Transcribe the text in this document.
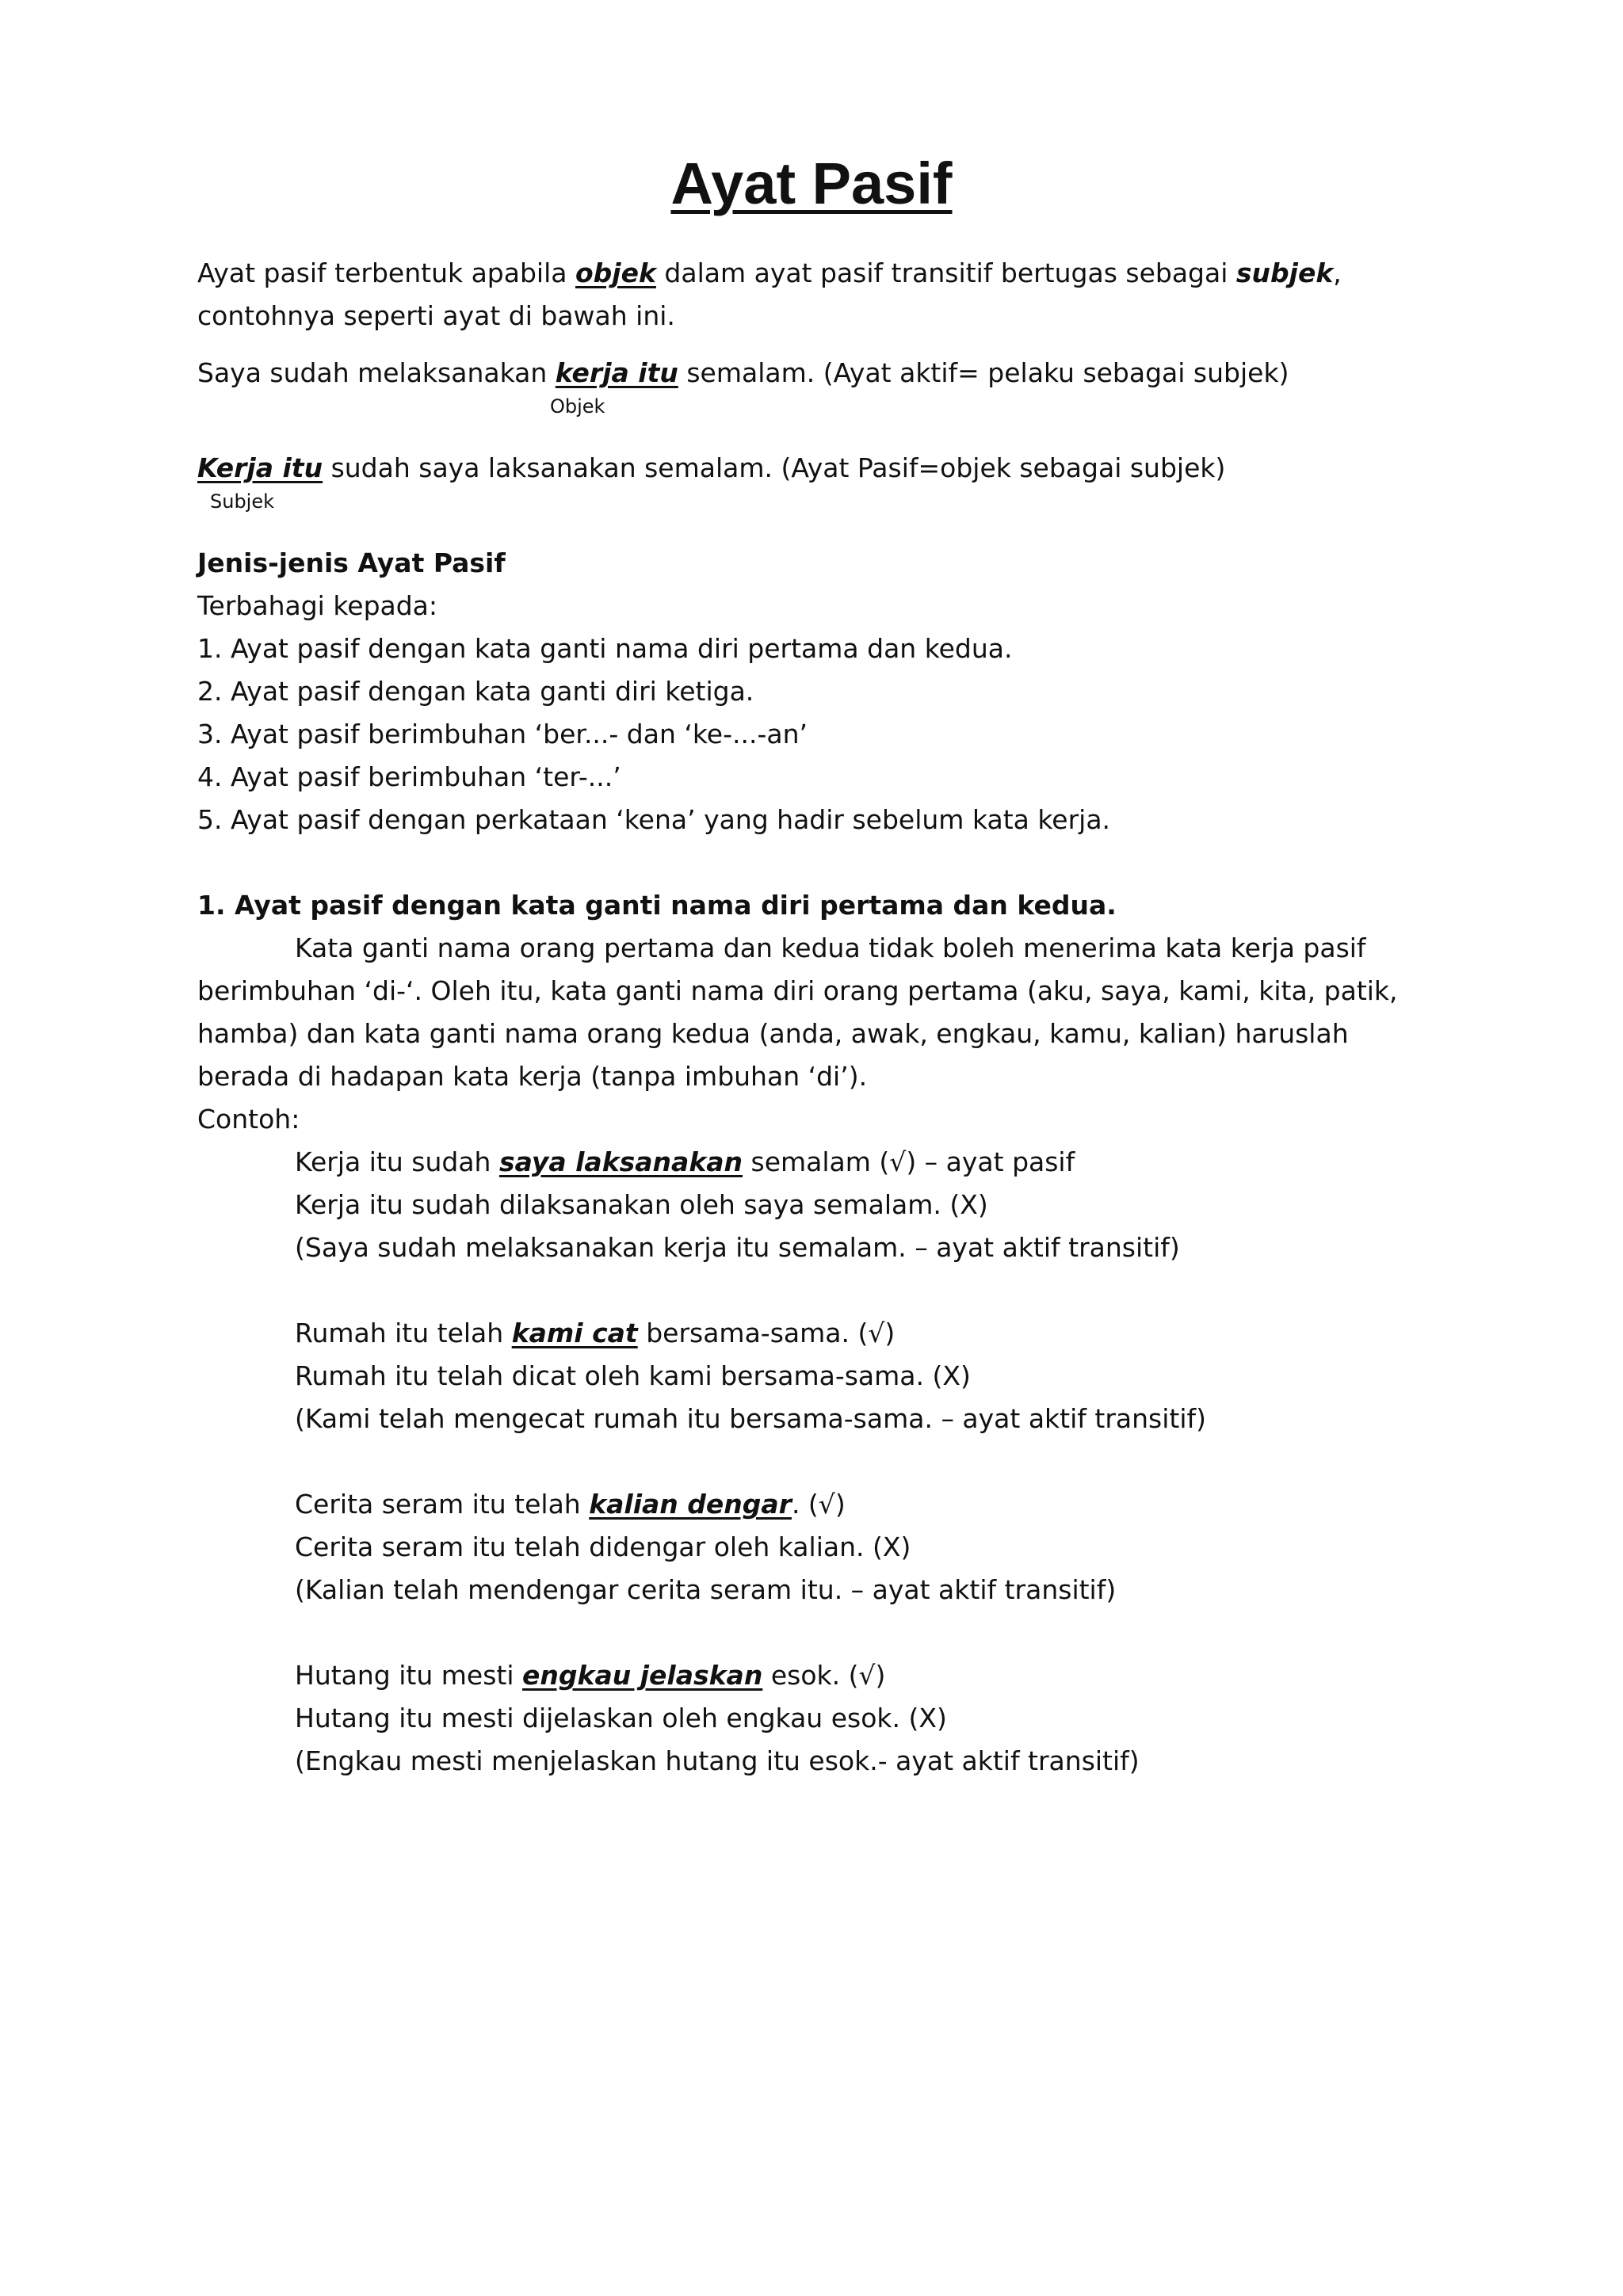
Ayat Pasif

Ayat pasif terbentuk apabila objek dalam ayat pasif transitif bertugas sebagai subjek, contohnya seperti ayat di bawah ini.

Saya sudah melaksanakan kerja itu semalam. (Ayat aktif= pelaku sebagai subjek)

Objek

Kerja itu sudah saya laksanakan semalam. (Ayat Pasif=objek sebagai subjek)

Subjek

Jenis-jenis Ayat Pasif

Terbahagi kepada:

1. Ayat pasif dengan kata ganti nama diri pertama dan kedua.

2. Ayat pasif dengan kata ganti diri ketiga.

3. Ayat pasif berimbuhan ‘ber...- dan ‘ke-...-an’

4. Ayat pasif berimbuhan ‘ter-...’

5. Ayat pasif dengan perkataan ‘kena’ yang hadir sebelum kata kerja.

1. Ayat pasif dengan kata ganti nama diri pertama dan kedua.

Kata ganti nama orang pertama dan kedua tidak boleh menerima kata kerja pasif berimbuhan ‘di-‘. Oleh itu, kata ganti nama diri orang pertama (aku, saya, kami, kita, patik, hamba) dan kata ganti nama orang kedua (anda, awak, engkau, kamu, kalian) haruslah berada di hadapan kata kerja (tanpa imbuhan ‘di’).

Contoh:

Kerja itu sudah saya laksanakan semalam (√) – ayat pasif

Kerja itu sudah dilaksanakan oleh saya semalam. (X)

(Saya sudah melaksanakan kerja itu semalam. – ayat aktif transitif)

Rumah itu telah kami cat bersama-sama. (√)

Rumah itu telah dicat oleh kami bersama-sama. (X)

(Kami telah mengecat rumah itu bersama-sama. – ayat aktif transitif)

Cerita seram itu telah kalian dengar. (√)

Cerita seram itu telah didengar oleh kalian. (X)

(Kalian telah mendengar cerita seram itu. – ayat aktif transitif)

Hutang itu mesti engkau jelaskan esok. (√)

Hutang itu mesti dijelaskan oleh engkau esok. (X)

(Engkau mesti menjelaskan hutang itu esok.- ayat aktif transitif)
